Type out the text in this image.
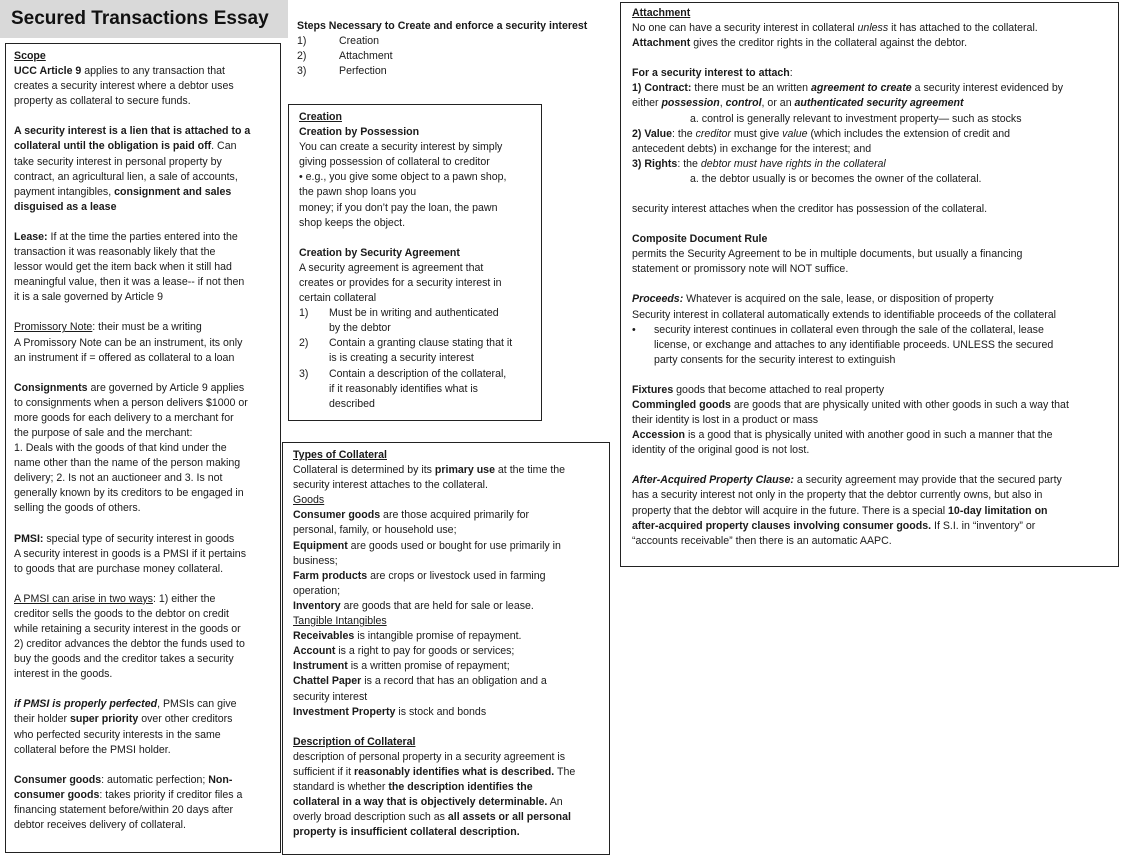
Secured Transactions Essay
Scope
UCC Article 9 applies to any transaction that
creates a security interest where a debtor uses
property as collateral to secure funds.
A security interest is a lien that is attached to a
collateral until the obligation is paid off. Can
take security interest in personal property by
contract, an agricultural lien, a sale of accounts,
payment intangibles, consignment and sales
disguised as a lease
Lease: If at the time the parties entered into the
transaction it was reasonably likely that the
lessor would get the item back when it still had
meaningful value, then it was a lease-- if not then
it is a sale governed by Article 9
Promissory Note: their must be a writing
A Promissory Note can be an instrument, its only
an instrument if = offered as collateral to a loan
Consignments are governed by Article 9 applies
to consignments when a person delivers $1000 or
more goods for each delivery to a merchant for
the purpose of sale and the merchant:
1. Deals with the goods of that kind under the
name other than the name of the person making
delivery; 2. Is not an auctioneer and 3. Is not
generally known by its creditors to be engaged in
selling the goods of others.
PMSI: special type of security interest in goods
A security interest in goods is a PMSI if it pertains
to goods that are purchase money collateral.
A PMSI can arise in two ways: 1) either the
creditor sells the goods to the debtor on credit
while retaining a security interest in the goods or
2) creditor advances the debtor the funds used to
buy the goods and the creditor takes a security
interest in the goods.
if PMSI is properly perfected, PMSIs can give
their holder super priority over other creditors
who perfected security interests in the same
collateral before the PMSI holder.
Consumer goods: automatic perfection; Non-
consumer goods: takes priority if creditor files a
financing statement before/within 20 days after
debtor receives delivery of collateral.
Steps Necessary to Create and enforce a security interest
1)	Creation
2)	Attachment
3)	Perfection
Creation
Creation by Possession
You can create a security interest by simply
giving possession of collateral to creditor
• e.g., you give some object to a pawn shop,
the pawn shop loans you
money; if you don’t pay the loan, the pawn
shop keeps the object.
Creation by Security Agreement
A security agreement is agreement that
creates or provides for a security interest in
certain collateral
1) Must be in writing and authenticated
by the debtor
2) Contain a granting clause stating that it
is is creating a security interest
3) Contain a description of the collateral,
if it reasonably identifies what is
described
Types of Collateral
Collateral is determined by its primary use at the time the
security interest attaches to the collateral.
Goods
Consumer goods are those acquired primarily for
personal, family, or household use;
Equipment are goods used or bought for use primarily in
business;
Farm products are crops or livestock used in farming
operation;
Inventory are goods that are held for sale or lease.
Tangible Intangibles
Receivables is intangible promise of repayment.
Account is a right to pay for goods or services;
Instrument is a written promise of repayment;
Chattel Paper is a record that has an obligation and a
security interest
Investment Property is stock and bonds
Description of Collateral
description of personal property in a security agreement is
sufficient if it reasonably identifies what is described. The
standard is whether the description identifies the
collateral in a way that is objectively determinable. An
overly broad description such as all assets or all personal
property is insufficient collateral description.
Attachment
No one can have a security interest in collateral unless it has attached to the collateral.
Attachment gives the creditor rights in the collateral against the debtor.
For a security interest to attach:
1) Contract: there must be an written agreement to create a security interest evidenced by
either possession, control, or an authenticated security agreement
a. control is generally relevant to investment property— such as stocks
2) Value: the creditor must give value (which includes the extension of credit and
antecedent debts) in exchange for the interest; and
3) Rights: the debtor must have rights in the collateral
a. the debtor usually is or becomes the owner of the collateral.
security interest attaches when the creditor has possession of the collateral.
Composite Document Rule
permits the Security Agreement to be in multiple documents, but usually a financing
statement or promissory note will NOT suffice.
Proceeds: Whatever is acquired on the sale, lease, or disposition of property
Security interest in collateral automatically extends to identifiable proceeds of the collateral
• security interest continues in collateral even through the sale of the collateral, lease
license, or exchange and attaches to any identifiable proceeds. UNLESS the secured
party consents for the security interest to extinguish
Fixtures goods that become attached to real property
Commingled goods are goods that are physically united with other goods in such a way that
their identity is lost in a product or mass
Accession is a good that is physically united with another good in such a manner that the
identity of the original good is not lost.
After-Acquired Property Clause: a security agreement may provide that the secured party
has a security interest not only in the property that the debtor currently owns, but also in
property that the debtor will acquire in the future. There is a special 10-day limitation on
after-acquired property clauses involving consumer goods. If S.I. in “inventory” or
“accounts receivable” then there is an automatic AAPC.
